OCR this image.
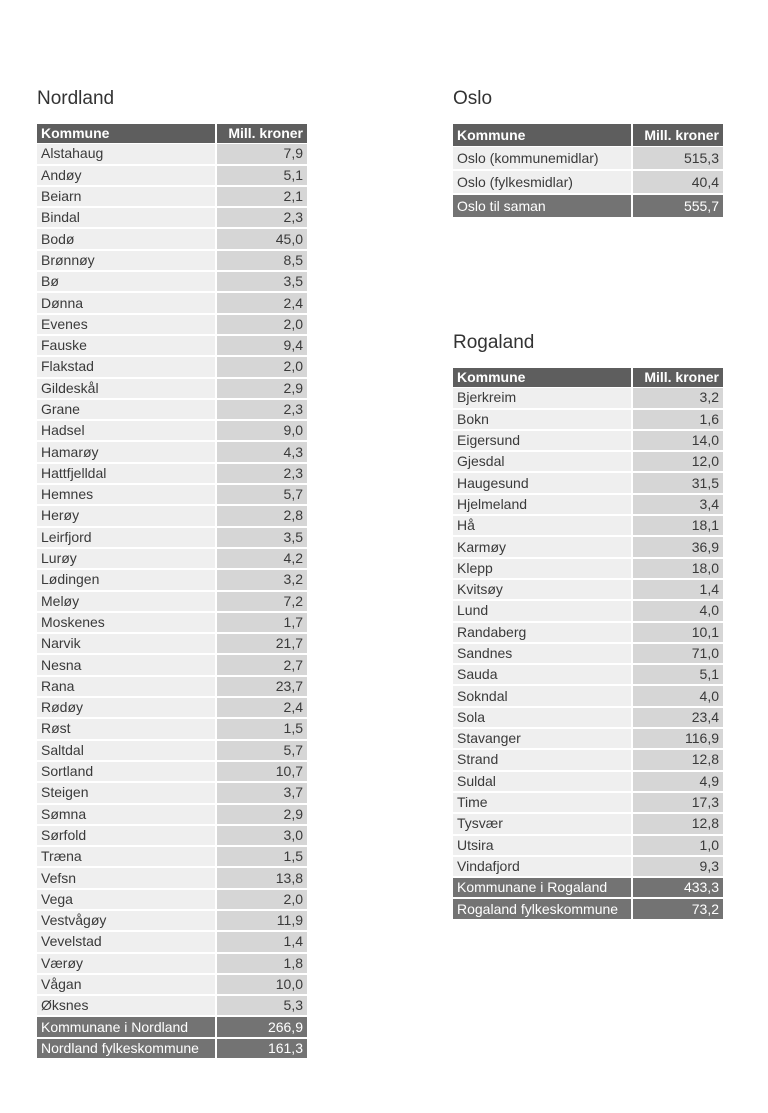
Nordland
Kommune	Mill. kroner
Alstahaug	7,9
Andøy	5,1
Beiarn	2,1
Bindal	2,3
Bodø	45,0
Brønnøy	8,5
Bø	3,5
Dønna	2,4
Evenes	2,0
Fauske	9,4
Flakstad	2,0
Gildeskål	2,9
Grane	2,3
Hadsel	9,0
Hamarøy	4,3
Hattfjelldal	2,3
Hemnes	5,7
Herøy	2,8
Leirfjord	3,5
Lurøy	4,2
Lødingen	3,2
Meløy	7,2
Moskenes	1,7
Narvik	21,7
Nesna	2,7
Rana	23,7
Rødøy	2,4
Røst	1,5
Saltdal	5,7
Sortland	10,7
Steigen	3,7
Sømna	2,9
Sørfold	3,0
Træna	1,5
Vefsn	13,8
Vega	2,0
Vestvågøy	11,9
Vevelstad	1,4
Værøy	1,8
Vågan	10,0
Øksnes	5,3
Kommunane i Nordland	266,9
Nordland fylkeskommune	161,3
Oslo
Kommune	Mill. kroner
Oslo (kommunemidlar)	515,3
Oslo (fylkesmidlar)	40,4
Oslo til saman	555,7
Rogaland
Kommune	Mill. kroner
Bjerkreim	3,2
Bokn	1,6
Eigersund	14,0
Gjesdal	12,0
Haugesund	31,5
Hjelmeland	3,4
Hå	18,1
Karmøy	36,9
Klepp	18,0
Kvitsøy	1,4
Lund	4,0
Randaberg	10,1
Sandnes	71,0
Sauda	5,1
Sokndal	4,0
Sola	23,4
Stavanger	116,9
Strand	12,8
Suldal	4,9
Time	17,3
Tysvær	12,8
Utsira	1,0
Vindafjord	9,3
Kommunane i Rogaland	433,3
Rogaland fylkeskommune	73,2
